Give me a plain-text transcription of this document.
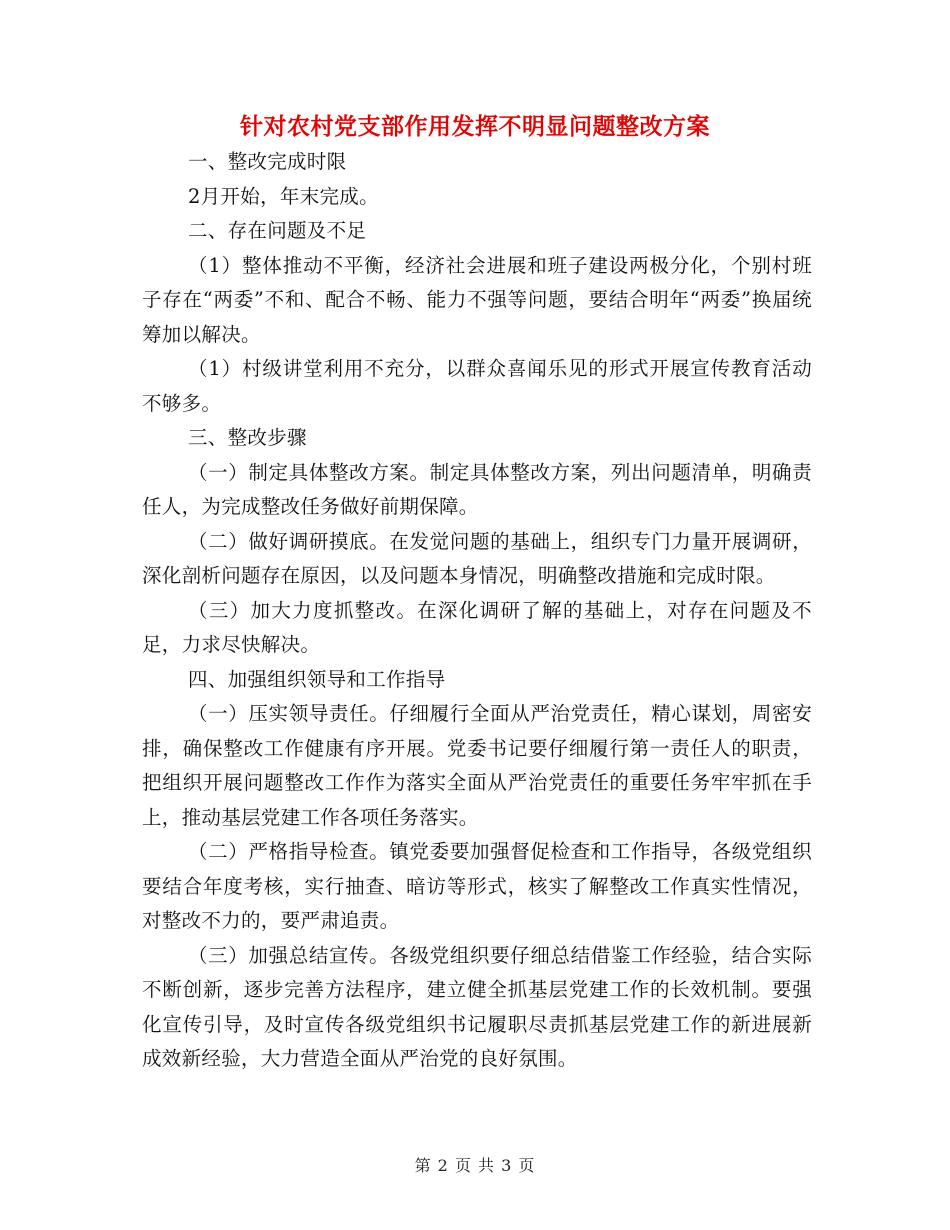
针对农村党支部作用发挥不明显问题整改方案

一、整改完成时限

2月开始，年末完成。

二、存在问题及不足

（1）整体推动不平衡，经济社会进展和班子建设两极分化，个别村班子存在“两委”不和、配合不畅、能力不强等问题，要结合明年“两委”换届统筹加以解决。

（1）村级讲堂利用不充分，以群众喜闻乐见的形式开展宣传教育活动不够多。

三、整改步骤

（一）制定具体整改方案。制定具体整改方案，列出问题清单，明确责任人，为完成整改任务做好前期保障。

（二）做好调研摸底。在发觉问题的基础上，组织专门力量开展调研，深化剖析问题存在原因，以及问题本身情况，明确整改措施和完成时限。

（三）加大力度抓整改。在深化调研了解的基础上，对存在问题及不足，力求尽快解决。

四、加强组织领导和工作指导

（一）压实领导责任。仔细履行全面从严治党责任，精心谋划，周密安排，确保整改工作健康有序开展。党委书记要仔细履行第一责任人的职责，把组织开展问题整改工作作为落实全面从严治党责任的重要任务牢牢抓在手上，推动基层党建工作各项任务落实。

（二）严格指导检查。镇党委要加强督促检查和工作指导，各级党组织要结合年度考核，实行抽查、暗访等形式，核实了解整改工作真实性情况，对整改不力的，要严肃追责。

（三）加强总结宣传。各级党组织要仔细总结借鉴工作经验，结合实际不断创新，逐步完善方法程序，建立健全抓基层党建工作的长效机制。要强化宣传引导，及时宣传各级党组织书记履职尽责抓基层党建工作的新进展新成效新经验，大力营造全面从严治党的良好氛围。

第 2 页 共 3 页
